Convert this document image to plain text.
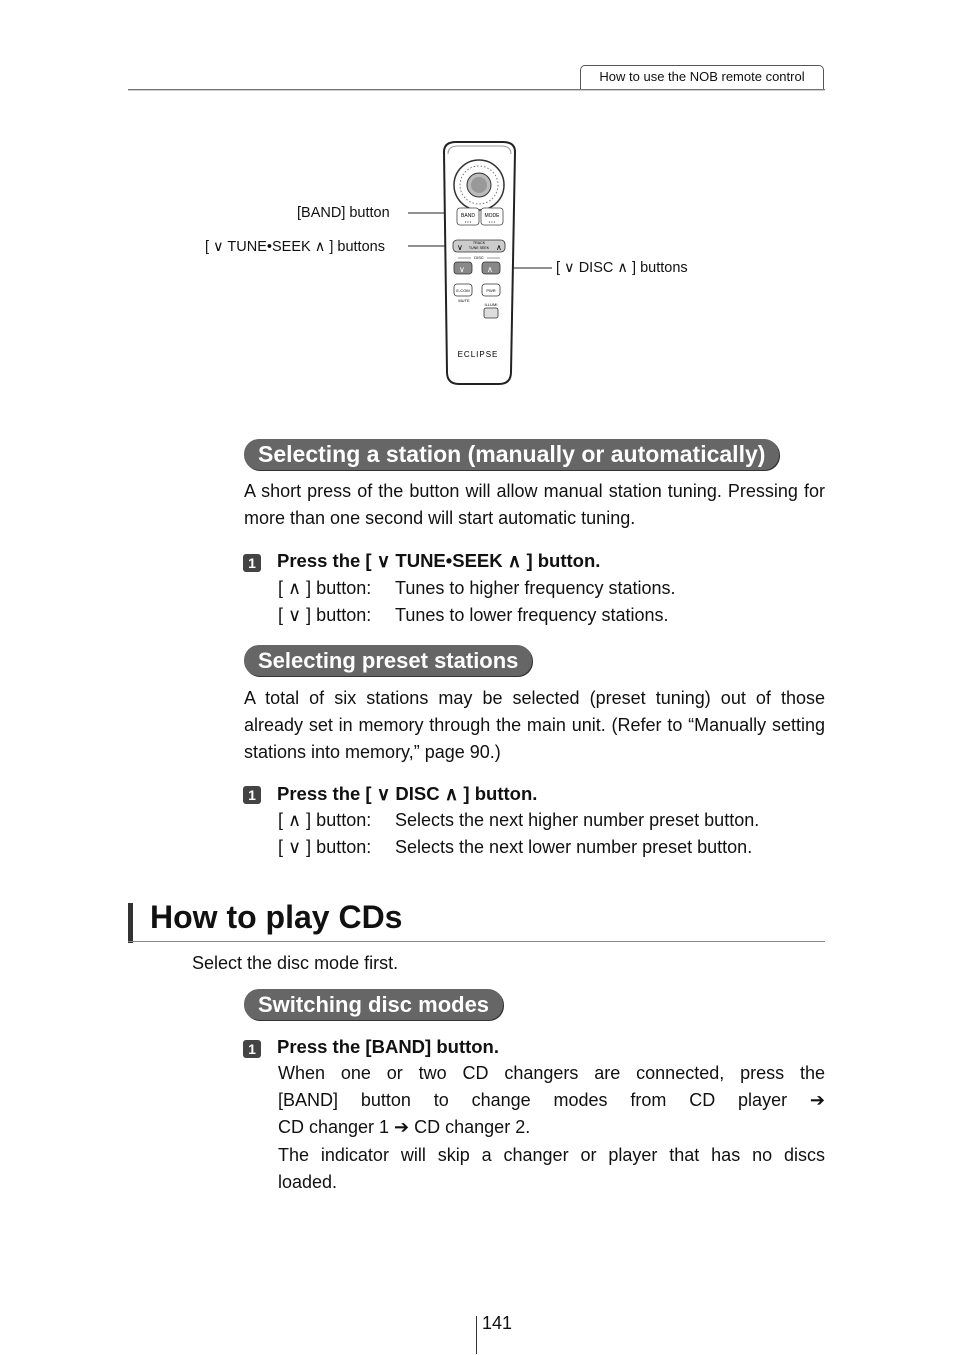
How to use the NOB remote control
BAND MODE
• • •	• • •
∨	∧
TRACK
TUNE SEEK
DISC
∨	∧
E-COM	PWR
MUTE
ILLUMI
ECLIPSE
[BAND] button
[ ∨ TUNE•SEEK ∧ ] buttons
[ ∨ DISC ∧ ] buttons
Selecting a station (manually or automatically)
A short press of the button will allow manual station tuning. Pressing for more than one second will start automatic tuning.
1 Press the [ ∨ TUNE•SEEK ∧ ] button.
[ ∧ ] button: Tunes to higher frequency stations.
[ ∨ ] button: Tunes to lower frequency stations.
Selecting preset stations
A total of six stations may be selected (preset tuning) out of those already set in memory through the main unit. (Refer to “Manually setting stations into memory,” page 90.)
1 Press the [ ∨ DISC ∧ ] button.
[ ∧ ] button: Selects the next higher number preset button.
[ ∨ ] button: Selects the next lower number preset button.
How to play CDs
Select the disc mode first.
Switching disc modes
1 Press the [BAND] button.
When one or two CD changers are connected, press the
[BAND] button to change modes from CD player ➔
CD changer 1 ➔ CD changer 2.
The indicator will skip a changer or player that has no discs
loaded.
141
